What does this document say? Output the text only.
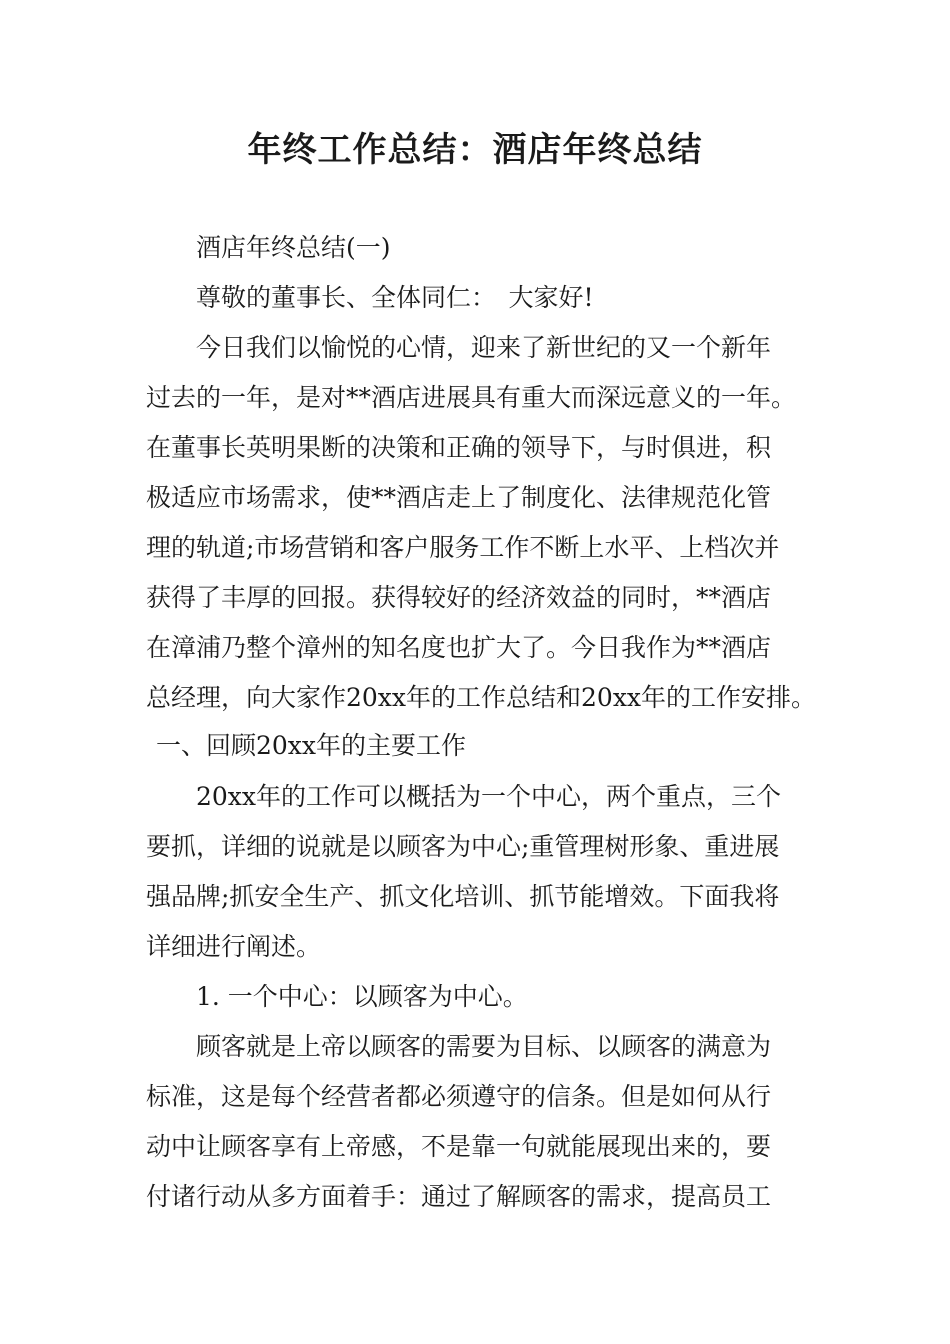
年终工作总结：酒店年终总结

酒店年终总结(一)

尊敬的董事长、全体同仁：　大家好!

今日我们以愉悦的心情，迎来了新世纪的又一个新年

过去的一年，是对**酒店进展具有重大而深远意义的一年。

在董事长英明果断的决策和正确的领导下，与时俱进，积

极适应市场需求，使**酒店走上了制度化、法律规范化管

理的轨道;市场营销和客户服务工作不断上水平、上档次并

获得了丰厚的回报。获得较好的经济效益的同时，**酒店

在漳浦乃整个漳州的知名度也扩大了。今日我作为**酒店

总经理，向大家作20xx年的工作总结和20xx年的工作安排。

一、回顾20xx年的主要工作

20xx年的工作可以概括为一个中心，两个重点，三个

要抓，详细的说就是以顾客为中心;重管理树形象、重进展

强品牌;抓安全生产、抓文化培训、抓节能增效。下面我将

详细进行阐述。

1. 一个中心：以顾客为中心。

顾客就是上帝以顾客的需要为目标、以顾客的满意为

标准，这是每个经营者都必须遵守的信条。但是如何从行

动中让顾客享有上帝感，不是靠一句就能展现出来的，要

付诸行动从多方面着手：通过了解顾客的需求，提高员工
